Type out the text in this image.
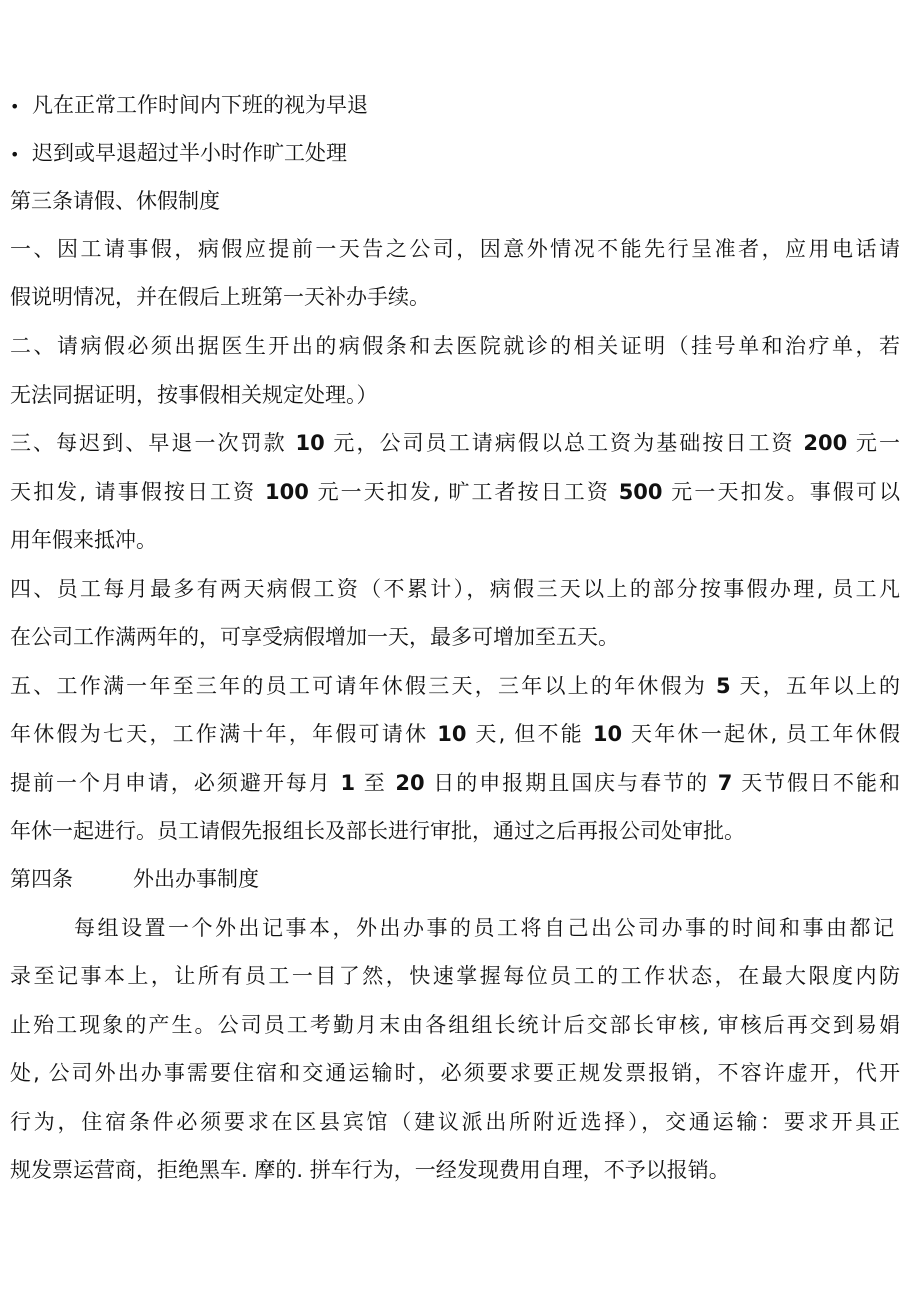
• 凡在正常工作时间内下班的视为早退
• 迟到或早退超过半小时作旷工处理
第三条请假、休假制度
一、因工请事假，病假应提前一天告之公司，因意外情况不能先行呈准者，应用电话请
假说明情况，并在假后上班第一天补办手续。
二、请病假必须出据医生开出的病假条和去医院就诊的相关证明（挂号单和治疗单，若
无法同据证明，按事假相关规定处理。）
三、每迟到、早退一次罚款 10 元，公司员工请病假以总工资为基础按日工资 200 元一
天扣发, 请事假按日工资 100 元一天扣发, 旷工者按日工资 500 元一天扣发。事假可以
用年假来抵冲。
四、员工每月最多有两天病假工资（不累计），病假三天以上的部分按事假办理, 员工凡
在公司工作满两年的，可享受病假增加一天，最多可增加至五天。
五、工作满一年至三年的员工可请年休假三天，三年以上的年休假为 5 天，五年以上的
年休假为七天，工作满十年，年假可请休 10 天, 但不能 10 天年休一起休, 员工年休假
提前一个月申请，必须避开每月 1 至 20 日的申报期且国庆与春节的 7 天节假日不能和
年休一起进行。员工请假先报组长及部长进行审批，通过之后再报公司处审批。
第四条	外出办事制度
每组设置一个外出记事本，外出办事的员工将自己出公司办事的时间和事由都记
录至记事本上，让所有员工一目了然，快速掌握每位员工的工作状态，在最大限度内防
止殆工现象的产生。公司员工考勤月末由各组组长统计后交部长审核, 审核后再交到易娟
处, 公司外出办事需要住宿和交通运输时，必须要求要正规发票报销，不容许虚开，代开
行为，住宿条件必须要求在区县宾馆（建议派出所附近选择），交通运输：要求开具正
规发票运营商，拒绝黑车. 摩的. 拼车行为，一经发现费用自理，不予以报销。
